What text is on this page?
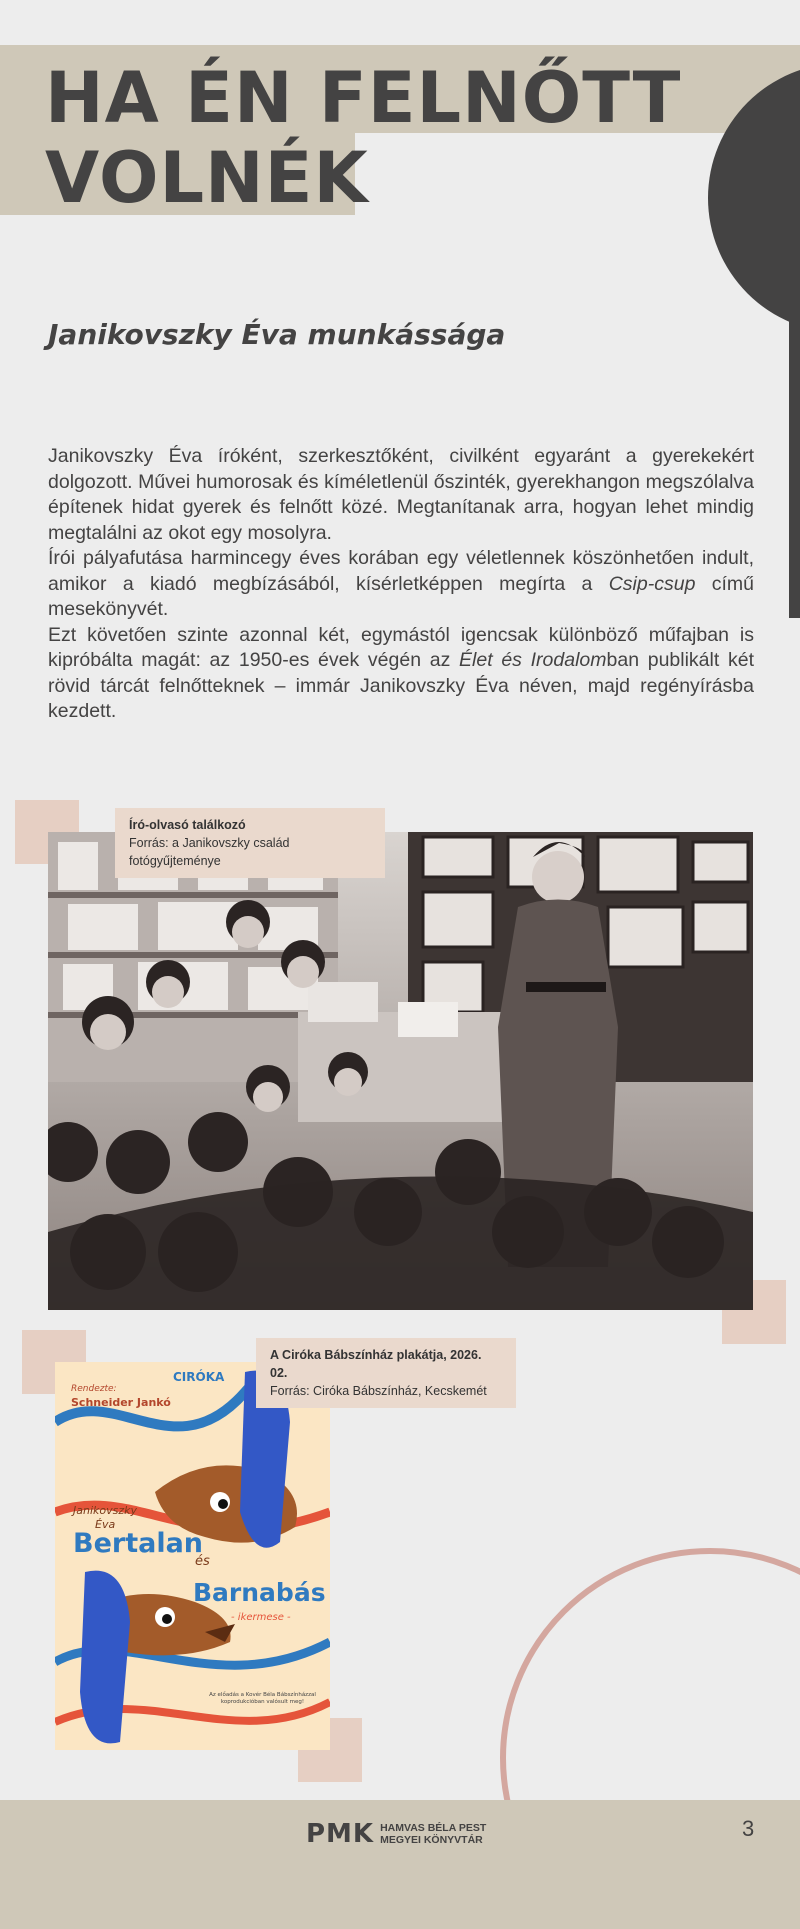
HA ÉN FELNŐTT
VOLNÉK
Janikovszky Éva munkássága

Janikovszky Éva íróként, szerkesztőként, civilként egyaránt a gyerekekért dolgozott. Művei humorosak és kíméletlenül őszinték, gyerekhangon megszólalva építenek hidat gyerek és felnőtt közé. Megtanítanak arra, hogyan lehet mindig megtalálni az okot egy mosolyra.

Írói pályafutása harmincegy éves korában egy véletlennek köszönhetően indult, amikor a kiadó megbízásából, kísérletképpen megírta a Csip-csup című mesekönyvét.

Ezt követően szinte azonnal két, egymástól igencsak különböző műfajban is kipróbálta magát: az 1950-es évek végén az Élet és Irodalomban publikált két rövid tárcát felnőtteknek – immár Janikovszky Éva néven, majd regényírásba kezdett.

Író-olvasó találkozó
Forrás: a Janikovszky család fotógyűjteménye
Rendezte:
Schneider Jankó
CIRÓKA
Janikovszky
Éva
Bertalan
és
Barnabás
- ikermese -
Az előadás a Kovér Béla Bábszínházzal koprodukcióban valósult meg!
A Ciróka Bábszínház plakátja, 2026. 02.
Forrás: Ciróka Bábszínház, Kecskemét
PMK HAMVAS BÉLA PEST
MEGYEI KÖNYVTÁR	3
